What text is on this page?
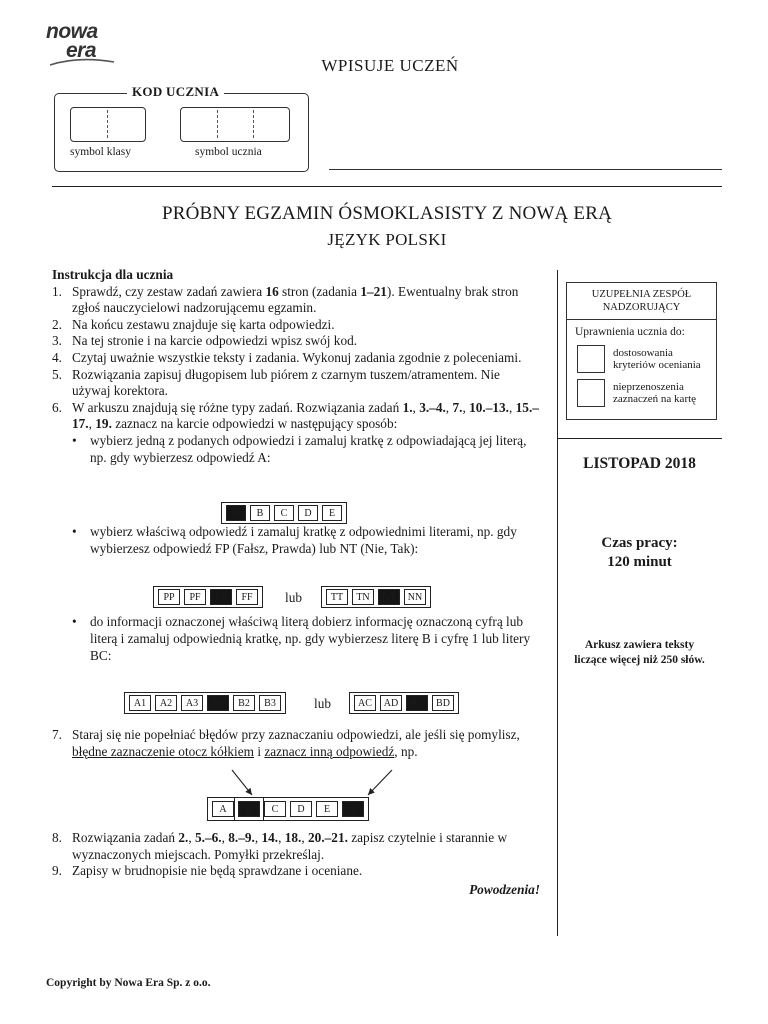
nowa
era
WPISUJE UCZEŃ
KOD UCZNIA
symbol klasy	symbol ucznia
PRÓBNY EGZAMIN ÓSMOKLASISTY Z NOWĄ ERĄ
JĘZYK POLSKI
Instrukcja dla ucznia
1. Sprawdź, czy zestaw zadań zawiera 16 stron (zadania 1–21). Ewentualny brak stron zgłoś nauczycielowi nadzorującemu egzamin.
2. Na końcu zestawu znajduje się karta odpowiedzi.
3. Na tej stronie i na karcie odpowiedzi wpisz swój kod.
4. Czytaj uważnie wszystkie teksty i zadania. Wykonuj zadania zgodnie z poleceniami.
5. Rozwiązania zapisuj długopisem lub piórem z czarnym tuszem/atramentem. Nie używaj korektora.
6. W arkuszu znajdują się różne typy zadań. Rozwiązania zadań 1., 3.–4., 7., 10.–13., 15.–17., 19. zaznacz na karcie odpowiedzi w następujący sposób:
• wybierz jedną z podanych odpowiedzi i zamaluj kratkę z odpowiadającą jej literą, np. gdy wybierzesz odpowiedź A:
• wybierz właściwą odpowiedź i zamaluj kratkę z odpowiednimi literami, np. gdy wybierzesz odpowiedź FP (Fałsz, Prawda) lub NT (Nie, Tak):
• do informacji oznaczonej właściwą literą dobierz informację oznaczoną cyfrą lub literą i zamaluj odpowiednią kratkę, np. gdy wybierzesz literę B i cyfrę 1 lub litery BC:
7. Staraj się nie popełniać błędów przy zaznaczaniu odpowiedzi, ale jeśli się pomylisz, błędne zaznaczenie otocz kółkiem i zaznacz inną odpowiedź, np.
8. Rozwiązania zadań 2., 5.–6., 8.–9., 14., 18., 20.–21. zapisz czytelnie i starannie w wyznaczonych miejscach. Pomyłki przekreślaj.
9. Zapisy w brudnopisie nie będą sprawdzane i oceniane.
Powodzenia!
A	B	C	D	E
PP	PF	FP	FF	lub	TT	TN	NT	NN
A1	A2	A3	B1	B2	B3	lub	AC	AD	BC	BD
A	B	C	D	E	A
UZUPEŁNIA ZESPÓŁ NADZORUJĄCY
Uprawnienia ucznia do:
dostosowania kryteriów oceniania
nieprzenoszenia zaznaczeń na kartę
LISTOPAD 2018
Czas pracy:
120 minut
Arkusz zawiera teksty liczące więcej niż 250 słów.
Copyright by Nowa Era Sp. z o.o.
